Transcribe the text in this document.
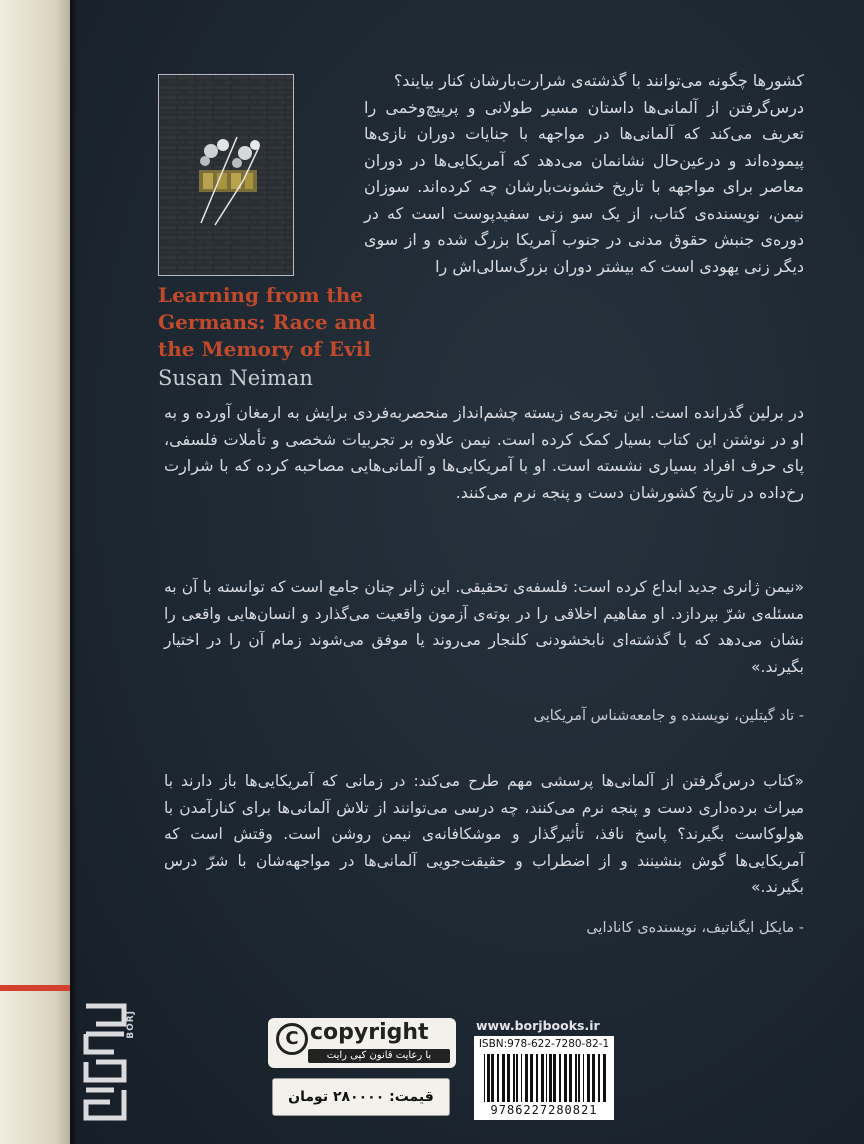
Learning from the Germans: Race and the Memory of Evil
Susan Neiman
کشورها چگونه می‌توانند با گذشته‌ی شرارت‌بارشان کنار بیایند؟
درس‌گرفتن از آلمانی‌ها داستان مسیر طولانی و پرپیچ‌وخمی را تعریف می‌کند که آلمانی‌ها در مواجهه با جنایات دوران نازی‌ها پیموده‌اند و درعین‌حال نشانمان می‌دهد که آمریکایی‌ها در دوران معاصر برای مواجهه با تاریخ خشونت‌بارشان چه کرده‌اند. سوزان نیمن، نویسنده‌ی کتاب، از یک سو زنی سفیدپوست است که در دوره‌ی جنبش حقوق مدنی در جنوب آمریکا بزرگ شده و از سوی دیگر زنی یهودی است که بیشتر دوران بزرگ‌سالی‌اش را
در برلین گذرانده است. این تجربه‌ی زیسته چشم‌انداز منحصربه‌فردی برایش به ارمغان آورده و به او در نوشتن این کتاب بسیار کمک کرده است. نیمن علاوه بر تجربیات شخصی و تأملات فلسفی، پای حرف افراد بسیاری نشسته است. او با آمریکایی‌ها و آلمانی‌هایی مصاحبه کرده که با شرارت رخ‌داده در تاریخ کشورشان دست و پنجه نرم می‌کنند.
«نیمن ژانری جدید ابداع کرده است: فلسفه‌ی تحقیقی. این ژانر چنان جامع است که توانسته با آن به مسئله‌ی شرّ بپردازد. او مفاهیم اخلاقی را در بوته‌ی آزمون واقعیت می‌گذارد و انسان‌هایی واقعی را نشان می‌دهد که با گذشته‌ای نابخشودنی کلنجار می‌روند یا موفق می‌شوند زمام آن را در اختیار بگیرند.»
- تاد گیتلین، نویسنده و جامعه‌شناس آمریکایی
«کتاب درس‌گرفتن از آلمانی‌ها پرسشی مهم طرح می‌کند: در زمانی که آمریکایی‌ها باز دارند با میراث برده‌داری دست و پنجه نرم می‌کنند، چه درسی می‌توانند از تلاش آلمانی‌ها برای کنارآمدن با هولوکاست بگیرند؟ پاسخ نافذ، تأثیرگذار و موشکافانه‌ی نیمن روشن است. وقتش است که آمریکایی‌ها گوش بنشینند و از اضطراب و حقیقت‌جویی آلمانی‌ها در مواجهه‌شان با شرّ درس بگیرند.»
- مایکل ایگناتیف، نویسنده‌ی کانادایی
BORJ	C copyright
با رعایت قانون کپی رایت
قیمت: ۲۸۰۰۰۰ تومان
www.borjbooks.ir
ISBN:978-622-7280-82-1
9786227280821
